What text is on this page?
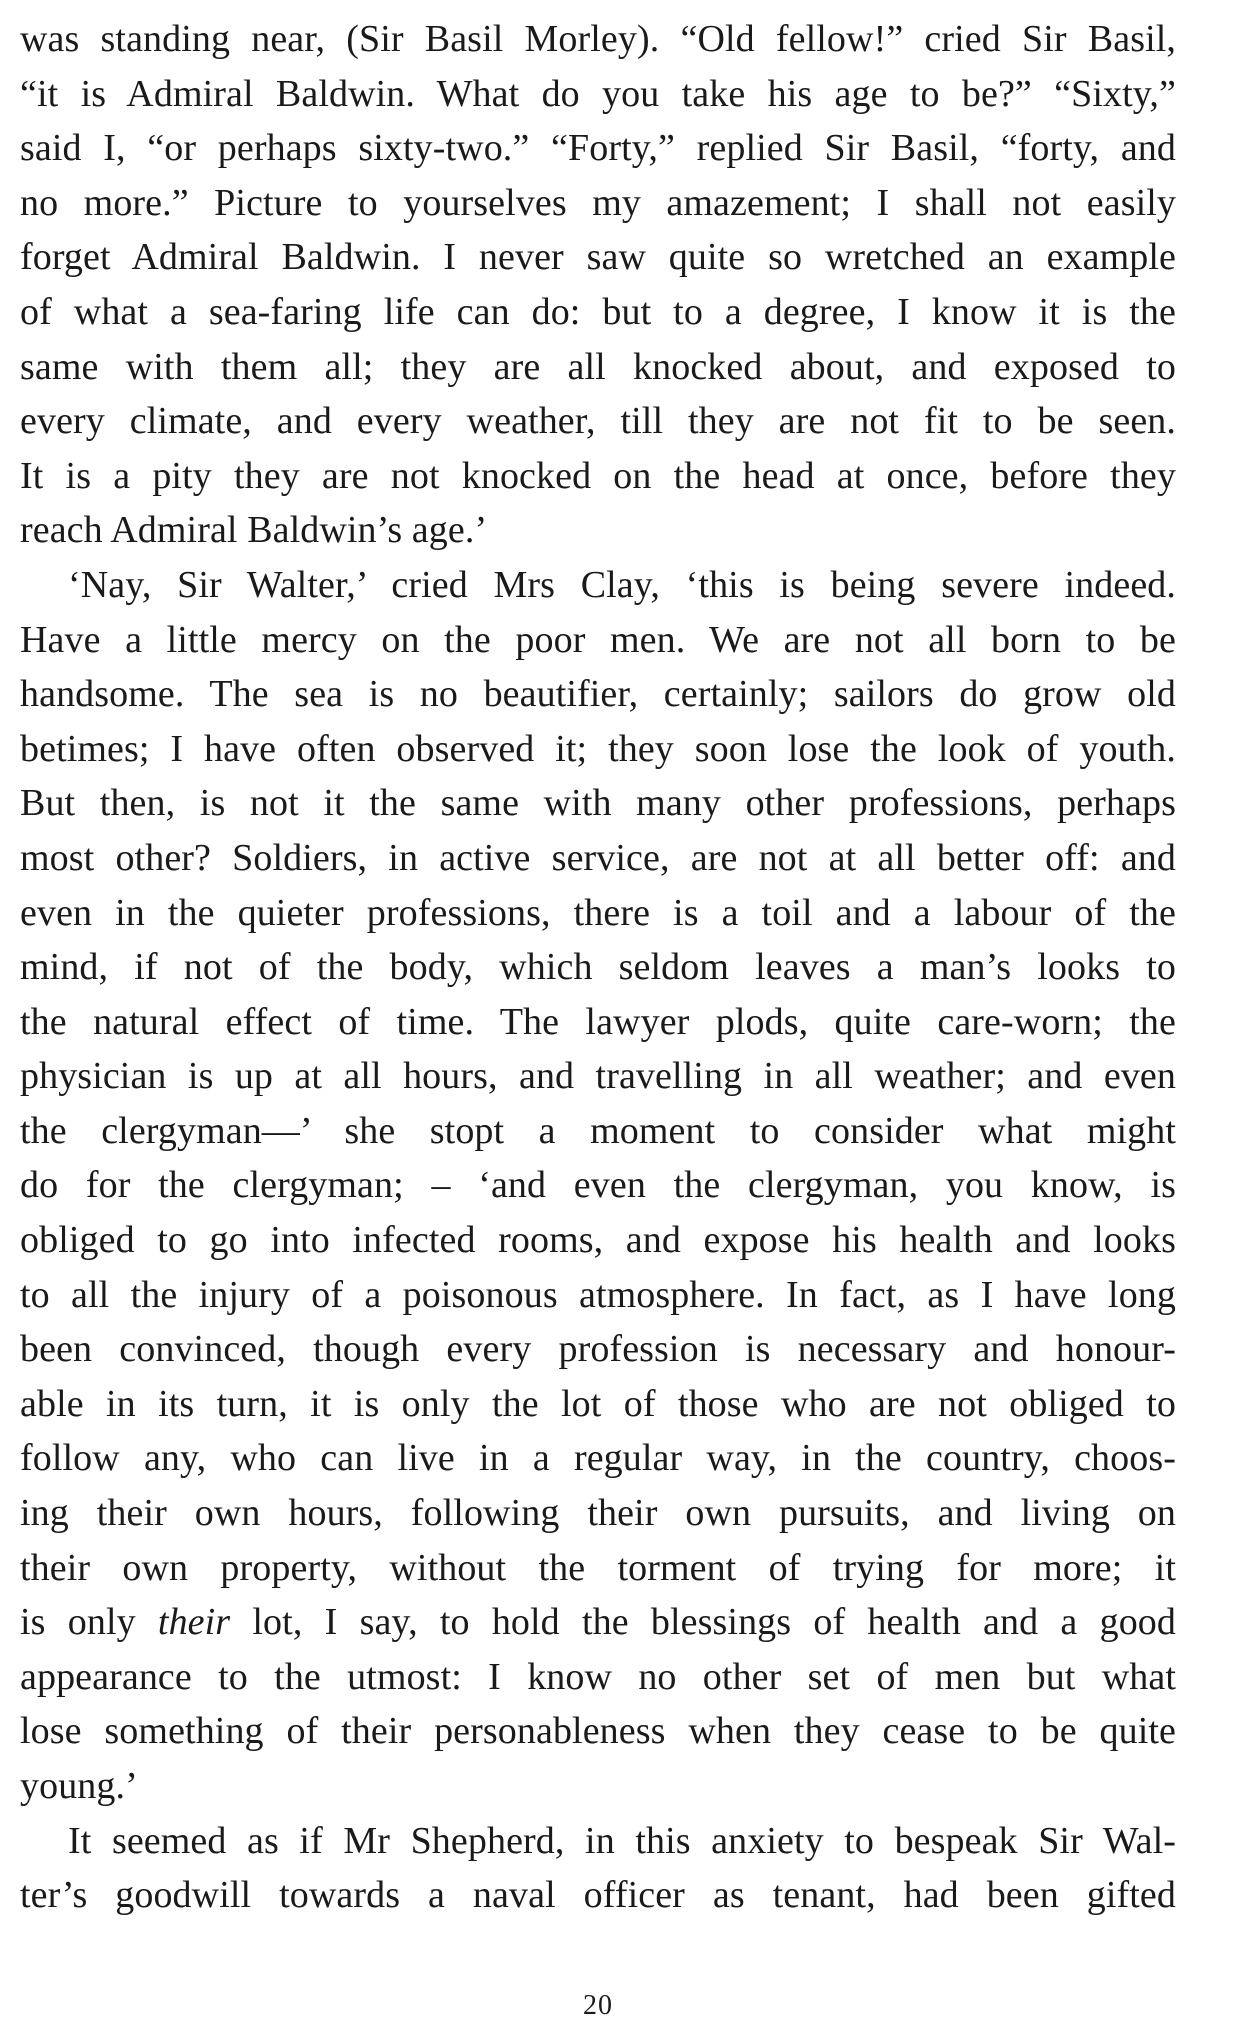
was standing near, (Sir Basil Morley). “Old fellow!” cried Sir Basil,
“it is Admiral Baldwin. What do you take his age to be?” “Sixty,”
said I, “or perhaps sixty-two.” “Forty,” replied Sir Basil, “forty, and
no more.” Picture to yourselves my amazement; I shall not easily
forget Admiral Baldwin. I never saw quite so wretched an example
of what a sea-faring life can do: but to a degree, I know it is the
same with them all; they are all knocked about, and exposed to
every climate, and every weather, till they are not fit to be seen.
It is a pity they are not knocked on the head at once, before they
reach Admiral Baldwin’s age.’
‘Nay, Sir Walter,’ cried Mrs Clay, ‘this is being severe indeed.
Have a little mercy on the poor men. We are not all born to be
handsome. The sea is no beautifier, certainly; sailors do grow old
betimes; I have often observed it; they soon lose the look of youth.
But then, is not it the same with many other professions, perhaps
most other? Soldiers, in active service, are not at all better off: and
even in the quieter professions, there is a toil and a labour of the
mind, if not of the body, which seldom leaves a man’s looks to
the natural effect of time. The lawyer plods, quite care-worn; the
physician is up at all hours, and travelling in all weather; and even
the clergyman—’ she stopt a moment to consider what might
do for the clergyman; – ‘and even the clergyman, you know, is
obliged to go into infected rooms, and expose his health and looks
to all the injury of a poisonous atmosphere. In fact, as I have long
been convinced, though every profession is necessary and honour-
able in its turn, it is only the lot of those who are not obliged to
follow any, who can live in a regular way, in the country, choos-
ing their own hours, following their own pursuits, and living on
their own property, without the torment of trying for more; it
is only their lot, I say, to hold the blessings of health and a good
appearance to the utmost: I know no other set of men but what
lose something of their personableness when they cease to be quite
young.’
It seemed as if Mr Shepherd, in this anxiety to bespeak Sir Wal-
ter’s goodwill towards a naval officer as tenant, had been gifted
20
